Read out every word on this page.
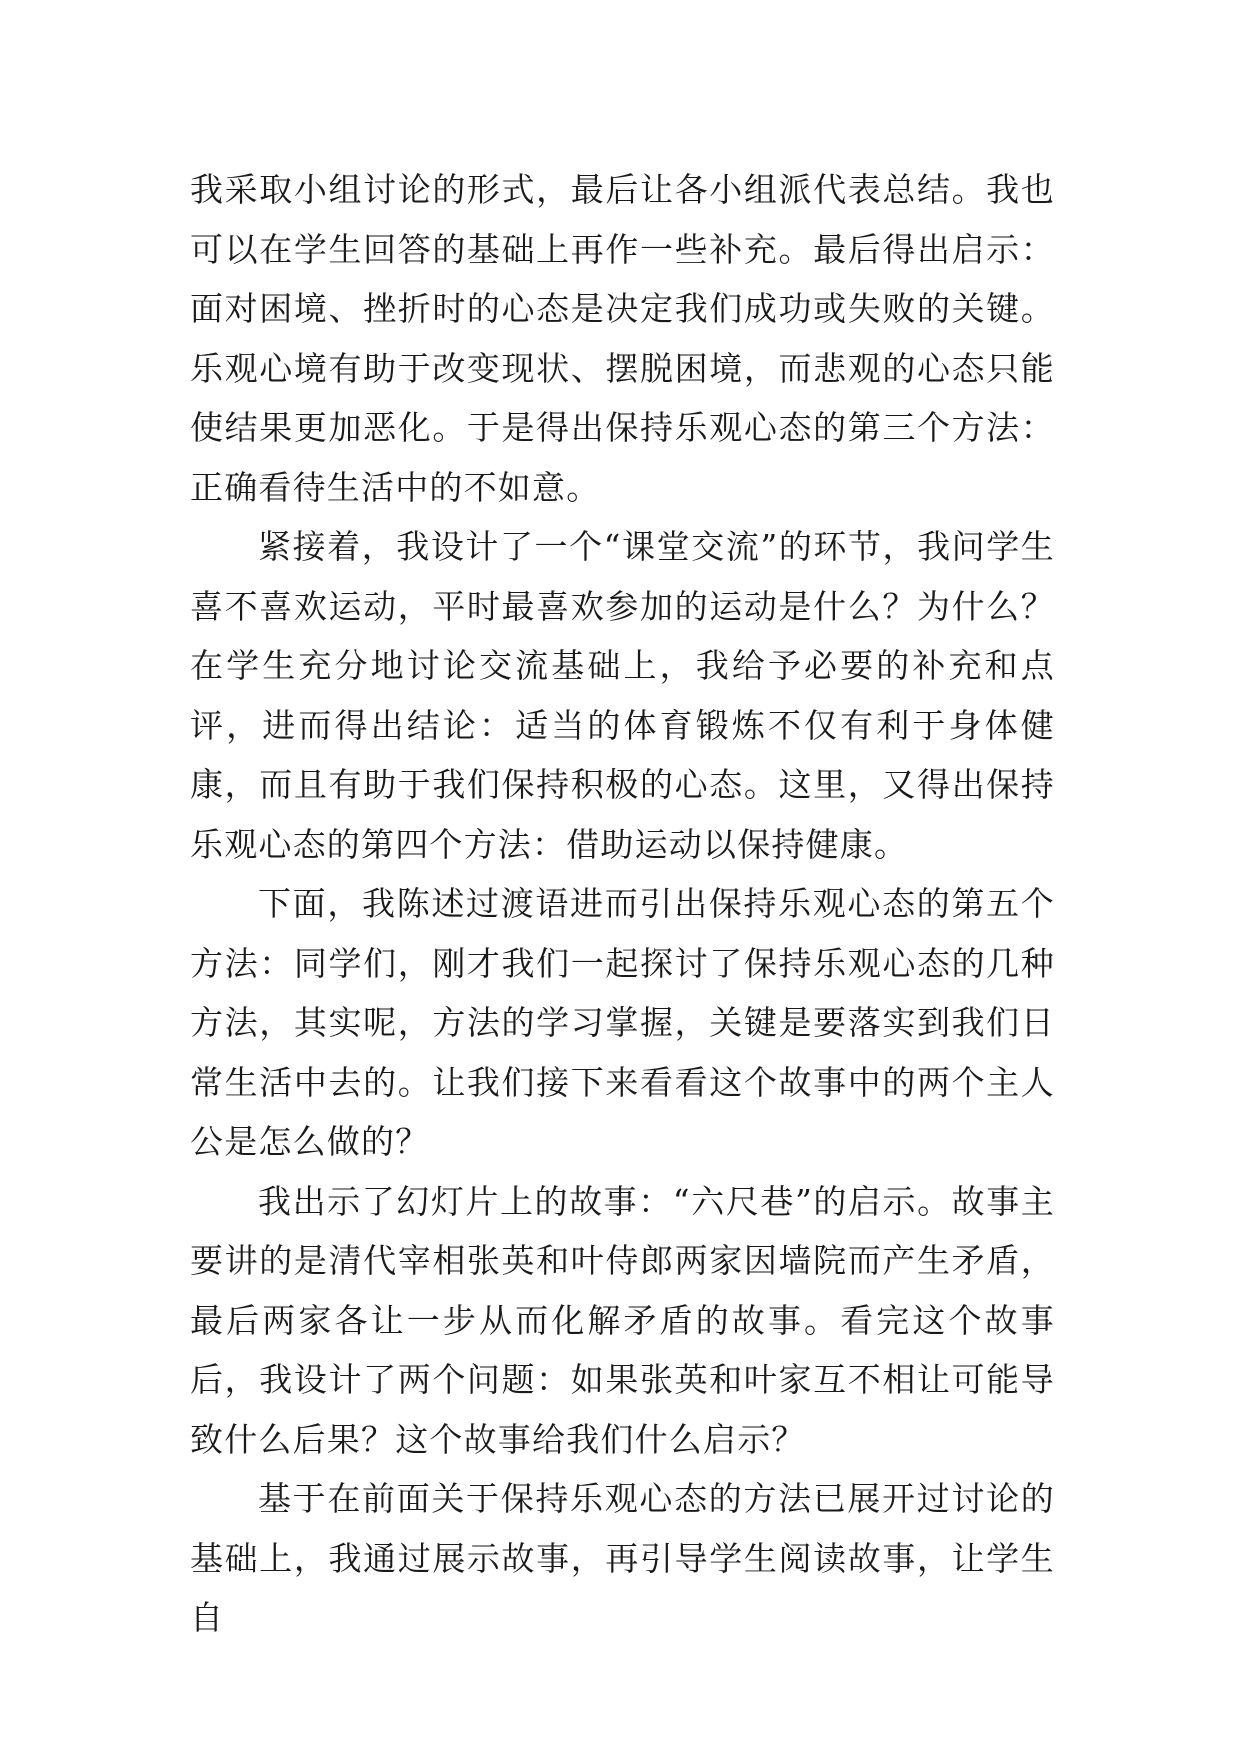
我采取小组讨论的形式，最后让各小组派代表总结。我也可以在学生回答的基础上再作一些补充。最后得出启示：面对困境、挫折时的心态是决定我们成功或失败的关键。乐观心境有助于改变现状、摆脱困境，而悲观的心态只能使结果更加恶化。于是得出保持乐观心态的第三个方法：正确看待生活中的不如意。

紧接着，我设计了一个“课堂交流”的环节，我问学生喜不喜欢运动，平时最喜欢参加的运动是什么？为什么？在学生充分地讨论交流基础上，我给予必要的补充和点评，进而得出结论：适当的体育锻炼不仅有利于身体健康，而且有助于我们保持积极的心态。这里，又得出保持乐观心态的第四个方法：借助运动以保持健康。

下面，我陈述过渡语进而引出保持乐观心态的第五个方法：同学们，刚才我们一起探讨了保持乐观心态的几种方法，其实呢，方法的学习掌握，关键是要落实到我们日常生活中去的。让我们接下来看看这个故事中的两个主人公是怎么做的？

我出示了幻灯片上的故事：“六尺巷”的启示。故事主要讲的是清代宰相张英和叶侍郎两家因墙院而产生矛盾，最后两家各让一步从而化解矛盾的故事。看完这个故事后，我设计了两个问题：如果张英和叶家互不相让可能导致什么后果？这个故事给我们什么启示？

基于在前面关于保持乐观心态的方法已展开过讨论的基础上，我通过展示故事，再引导学生阅读故事，让学生自
